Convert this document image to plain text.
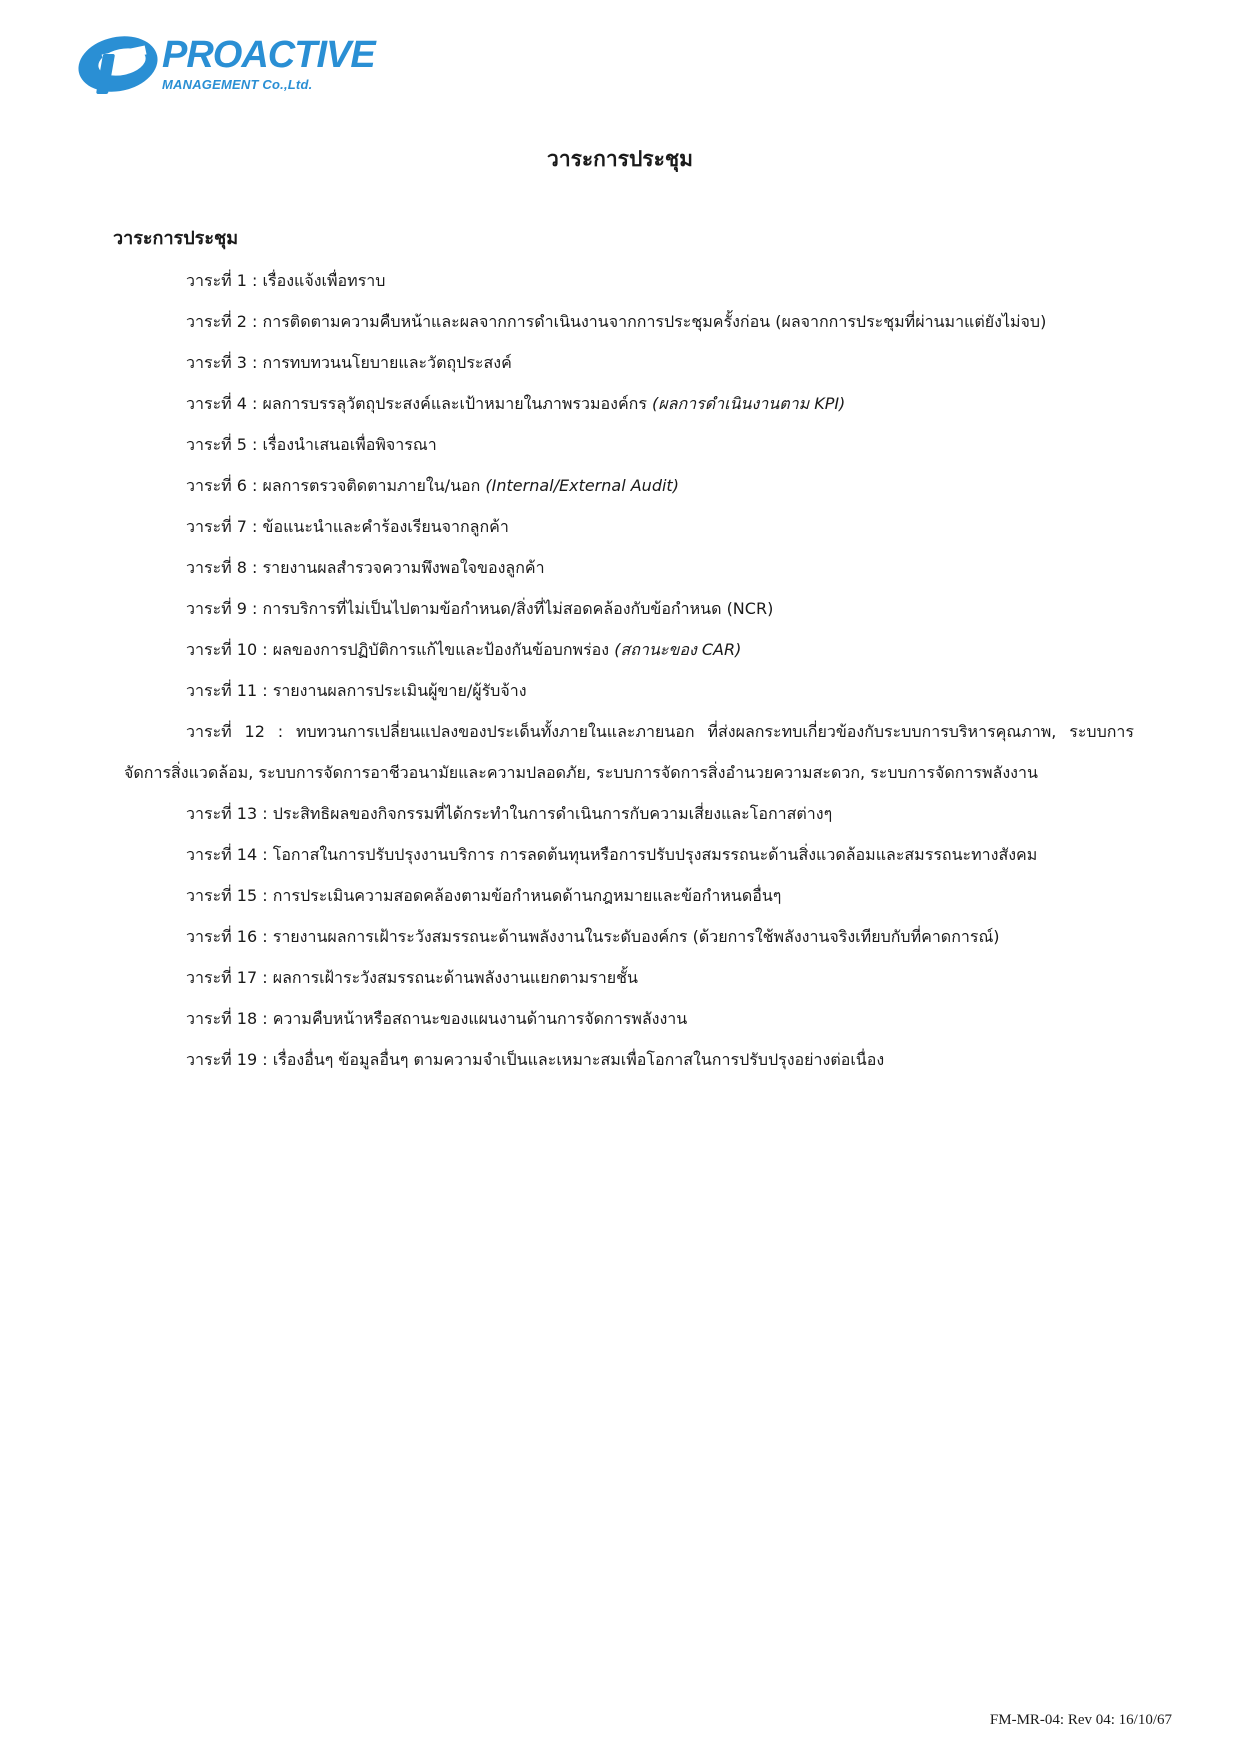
PROACTIVE
MANAGEMENT Co.,Ltd.
วาระการประชุม
วาระการประชุม
วาระที่ 1 : เรื่องแจ้งเพื่อทราบ
วาระที่ 2 : การติดตามความคืบหน้าและผลจากการดำเนินงานจากการประชุมครั้งก่อน (ผลจากการประชุมที่ผ่านมาแต่ยังไม่จบ)
วาระที่ 3 : การทบทวนนโยบายและวัตถุประสงค์
วาระที่ 4 : ผลการบรรลุวัตถุประสงค์และเป้าหมายในภาพรวมองค์กร (ผลการดำเนินงานตาม KPI)
วาระที่ 5 : เรื่องนำเสนอเพื่อพิจารณา
วาระที่ 6 : ผลการตรวจติดตามภายใน/นอก (Internal/External Audit)
วาระที่ 7 : ข้อแนะนำและคำร้องเรียนจากลูกค้า
วาระที่ 8 : รายงานผลสำรวจความพึงพอใจของลูกค้า
วาระที่ 9 : การบริการที่ไม่เป็นไปตามข้อกำหนด/สิ่งที่ไม่สอดคล้องกับข้อกำหนด (NCR)
วาระที่ 10 : ผลของการปฏิบัติการแก้ไขและป้องกันข้อบกพร่อง (สถานะของ CAR)
วาระที่ 11 : รายงานผลการประเมินผู้ขาย/ผู้รับจ้าง
วาระที่ 12 : ทบทวนการเปลี่ยนแปลงของประเด็นทั้งภายในและภายนอก ที่ส่งผลกระทบเกี่ยวข้องกับระบบการบริหารคุณภาพ, ระบบการจัดการสิ่งแวดล้อม, ระบบการจัดการอาชีวอนามัยและความปลอดภัย, ระบบการจัดการสิ่งอำนวยความสะดวก, ระบบการจัดการพลังงาน
วาระที่ 13 : ประสิทธิผลของกิจกรรมที่ได้กระทำในการดำเนินการกับความเสี่ยงและโอกาสต่างๆ
วาระที่ 14 : โอกาสในการปรับปรุงงานบริการ การลดต้นทุนหรือการปรับปรุงสมรรถนะด้านสิ่งแวดล้อมและสมรรถนะทางสังคม
วาระที่ 15 : การประเมินความสอดคล้องตามข้อกำหนดด้านกฎหมายและข้อกำหนดอื่นๆ
วาระที่ 16 : รายงานผลการเฝ้าระวังสมรรถนะด้านพลังงานในระดับองค์กร (ด้วยการใช้พลังงานจริงเทียบกับที่คาดการณ์)
วาระที่ 17 : ผลการเฝ้าระวังสมรรถนะด้านพลังงานแยกตามรายชั้น
วาระที่ 18 : ความคืบหน้าหรือสถานะของแผนงานด้านการจัดการพลังงาน
วาระที่ 19 : เรื่องอื่นๆ ข้อมูลอื่นๆ ตามความจำเป็นและเหมาะสมเพื่อโอกาสในการปรับปรุงอย่างต่อเนื่อง
FM-MR-04: Rev 04: 16/10/67
